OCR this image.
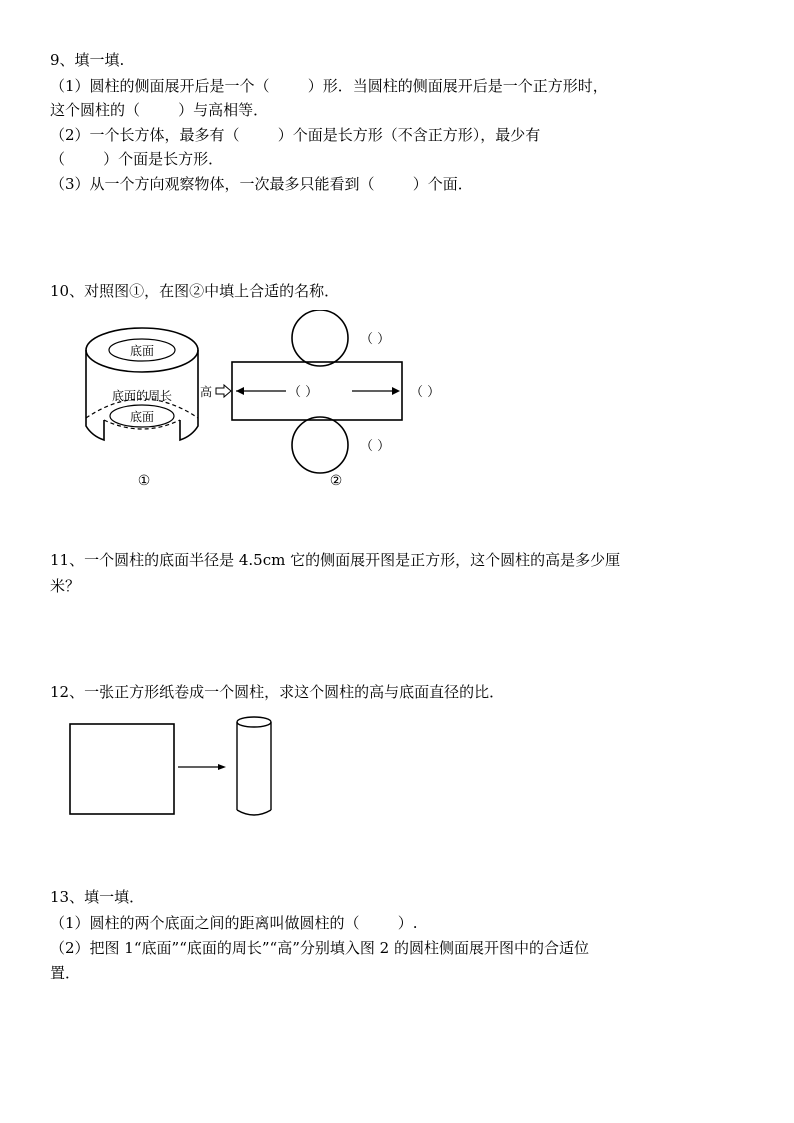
9、填一填.
（1）圆柱的侧面展开后是一个（        ）形．当圆柱的侧面展开后是一个正方形时，
这个圆柱的（        ）与高相等．
（2）一个长方体，最多有（        ）个面是长方形（不含正方形），最少有
（        ）个面是长方形．
（3）从一个方向观察物体，一次最多只能看到（        ）个面．
10、对照图①，在图②中填上合适的名称．
底面
底面的周长
底面
①
高
（ ）
（ ）	（ ）
（ ）
②
11、一个圆柱的底面半径是 4.5cm 它的侧面展开图是正方形，这个圆柱的高是多少厘
米？
12、一张正方形纸卷成一个圆柱，求这个圆柱的高与底面直径的比．
13、填一填．
（1）圆柱的两个底面之间的距离叫做圆柱的（        ）.
（2）把图 1“底面”“底面的周长”“高”分别填入图 2 的圆柱侧面展开图中的合适位
置．
